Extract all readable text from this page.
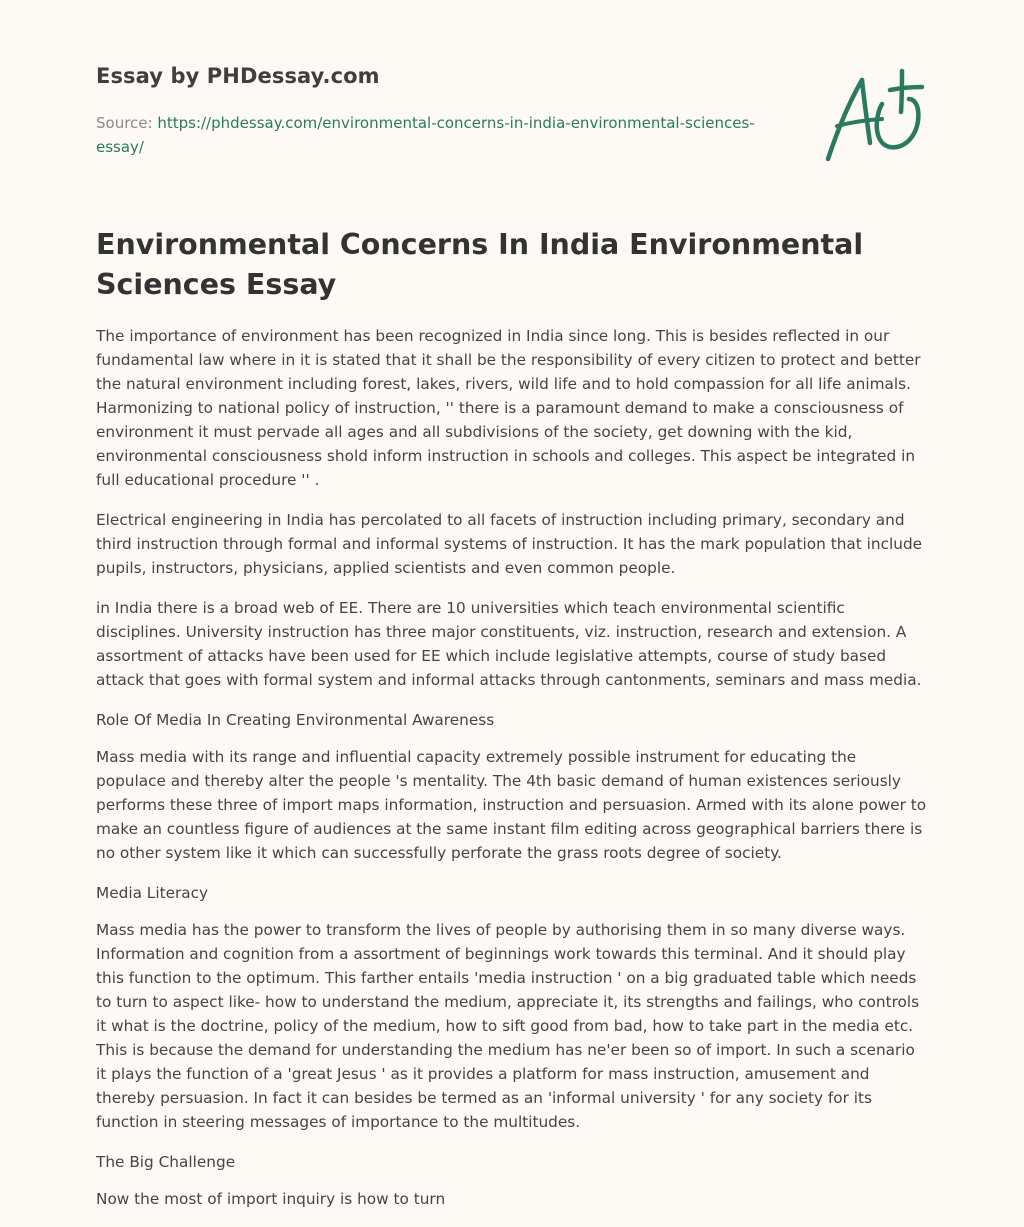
Essay by PHDessay.com
Source: https://phdessay.com/environmental-concerns-in-india-environmental-sciences-essay/
Environmental Concerns In India Environmental Sciences Essay

The importance of environment has been recognized in India since long. This is besides reflected in our fundamental law where in it is stated that it shall be the responsibility of every citizen to protect and better the natural environment including forest, lakes, rivers, wild life and to hold compassion for all life animals. Harmonizing to national policy of instruction, '' there is a paramount demand to make a consciousness of environment it must pervade all ages and all subdivisions of the society, get downing with the kid, environmental consciousness shold inform instruction in schools and colleges. This aspect be integrated in full educational procedure '' .

Electrical engineering in India has percolated to all facets of instruction including primary, secondary and third instruction through formal and informal systems of instruction. It has the mark population that include pupils, instructors, physicians, applied scientists and even common people.

in India there is a broad web of EE. There are 10 universities which teach environmental scientific disciplines. University instruction has three major constituents, viz. instruction, research and extension. A assortment of attacks have been used for EE which include legislative attempts, course of study based attack that goes with formal system and informal attacks through cantonments, seminars and mass media.

Role Of Media In Creating Environmental Awareness

Mass media with its range and influential capacity extremely possible instrument for educating the populace and thereby alter the people 's mentality. The 4th basic demand of human existences seriously performs these three of import maps information, instruction and persuasion. Armed with its alone power to make an countless figure of audiences at the same instant film editing across geographical barriers there is no other system like it which can successfully perforate the grass roots degree of society.

Media Literacy

Mass media has the power to transform the lives of people by authorising them in so many diverse ways. Information and cognition from a assortment of beginnings work towards this terminal. And it should play this function to the optimum. This farther entails 'media instruction ' on a big graduated table which needs to turn to aspect like- how to understand the medium, appreciate it, its strengths and failings, who controls it what is the doctrine, policy of the medium, how to sift good from bad, how to take part in the media etc. This is because the demand for understanding the medium has ne'er been so of import. In such a scenario it plays the function of a 'great Jesus ' as it provides a platform for mass instruction, amusement and thereby persuasion. In fact it can besides be termed as an 'informal university ' for any society for its function in steering messages of importance to the multitudes.

The Big Challenge

Now the most of import inquiry is how to turn
